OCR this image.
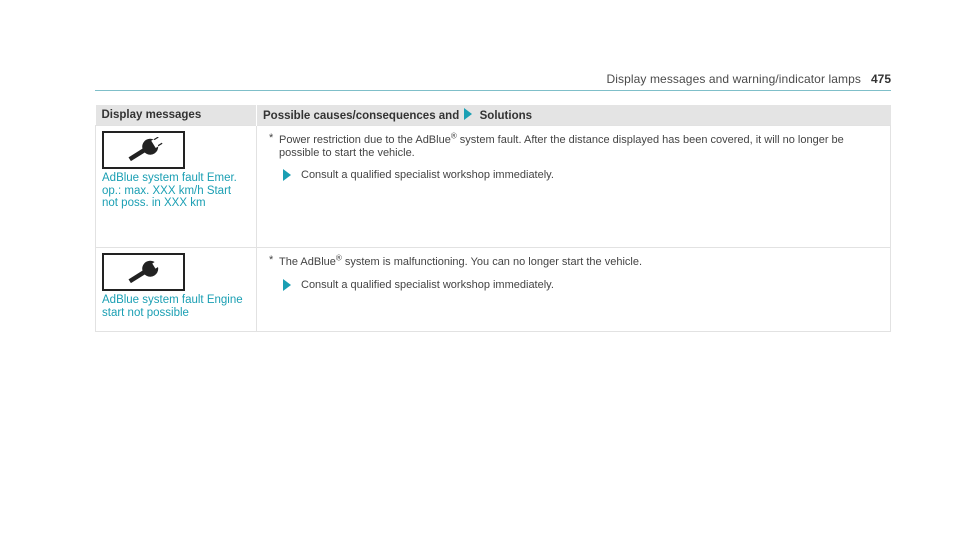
Display messages and warning/indicator lamps 475
Display messages	Possible causes/consequences and Solutions

AdBlue system fault Emer. op.: max. XXX km/h Start not poss. in XXX km	* Power restriction due to the AdBlue® system fault. After the distance displayed has been covered, it will no longer be possible to start the vehicle.
Consult a qualified specialist workshop immediately.

AdBlue system fault Engine start not possible	* The AdBlue® system is malfunctioning. You can no longer start the vehicle.
Consult a qualified specialist workshop immediately.
